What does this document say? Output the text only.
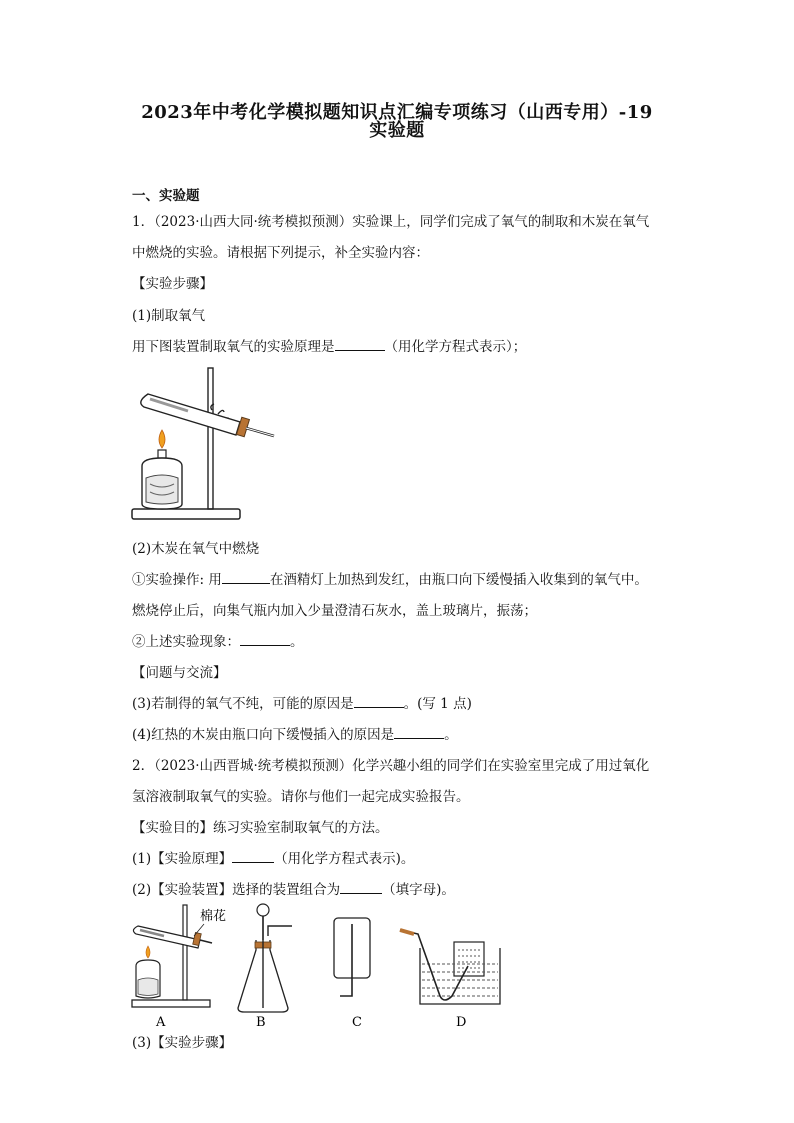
2023年中考化学模拟题知识点汇编专项练习（山西专用）-19
实验题
一、实验题
1．（2023·山西大同·统考模拟预测）实验课上，同学们完成了氧气的制取和木炭在氧气
中燃烧的实验。请根据下列提示，补全实验内容：
【实验步骤】
(1)制取氧气
用下图装置制取氧气的实验原理是	（用化学方程式表示）；
(2)木炭在氧气中燃烧
①实验操作: 用	在酒精灯上加热到发红，由瓶口向下缓慢插入收集到的氧气中。
燃烧停止后，向集气瓶内加入少量澄清石灰水，盖上玻璃片，振荡；
②上述实验现象：	。
【问题与交流】
(3)若制得的氧气不纯，可能的原因是	。(写 1 点)
(4)红热的木炭由瓶口向下缓慢插入的原因是	。
2．（2023·山西晋城·统考模拟预测）化学兴趣小组的同学们在实验室里完成了用过氧化
氢溶液制取氧气的实验。请你与他们一起完成实验报告。
【实验目的】练习实验室制取氧气的方法。
(1)【实验原理】	（用化学方程式表示)。
(2)【实验装置】选择的装置组合为	（填字母)。
棉花
A	B	C	D
(3)【实验步骤】
